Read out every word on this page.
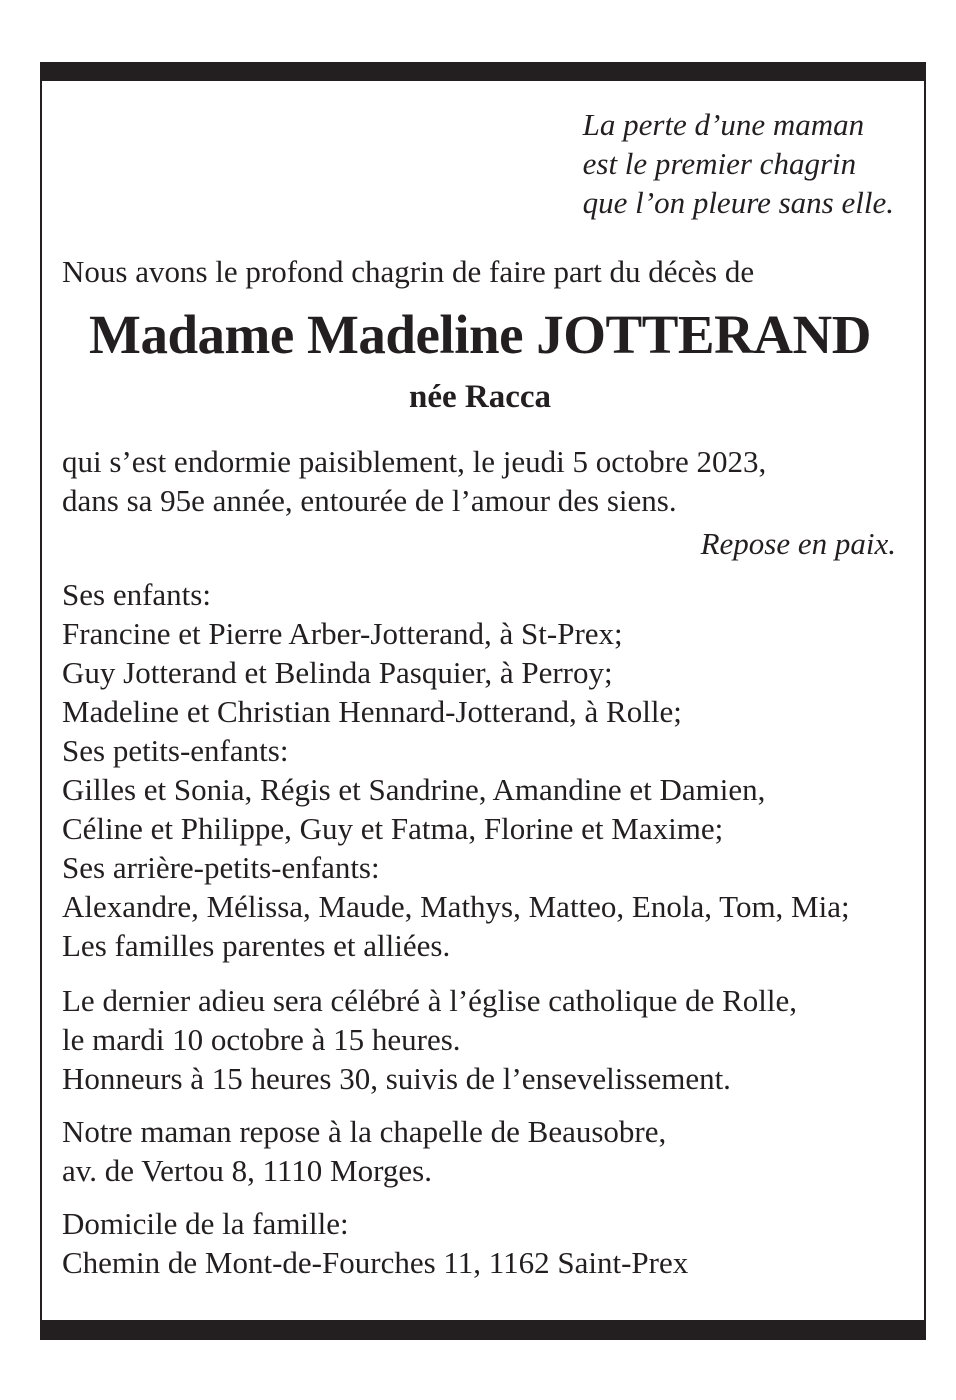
La perte d’une maman
est le premier chagrin
que l’on pleure sans elle.
Nous avons le profond chagrin de faire part du décès de
Madame Madeline JOTTERAND
née Racca
qui s’est endormie paisiblement, le jeudi 5 octobre 2023,
dans sa 95e année, entourée de l’amour des siens.
Repose en paix.
Ses enfants:
Francine et Pierre Arber-Jotterand, à St-Prex;
Guy Jotterand et Belinda Pasquier, à Perroy;
Madeline et Christian Hennard-Jotterand, à Rolle;
Ses petits-enfants:
Gilles et Sonia, Régis et Sandrine, Amandine et Damien,
Céline et Philippe, Guy et Fatma, Florine et Maxime;
Ses arrière-petits-enfants:
Alexandre, Mélissa, Maude, Mathys, Matteo, Enola, Tom, Mia;
Les familles parentes et alliées.
Le dernier adieu sera célébré à l’église catholique de Rolle,
le mardi 10 octobre à 15 heures.
Honneurs à 15 heures 30, suivis de l’ensevelissement.
Notre maman repose à la chapelle de Beausobre,
av. de Vertou 8, 1110 Morges.
Domicile de la famille:
Chemin de Mont-de-Fourches 11, 1162 Saint-Prex
